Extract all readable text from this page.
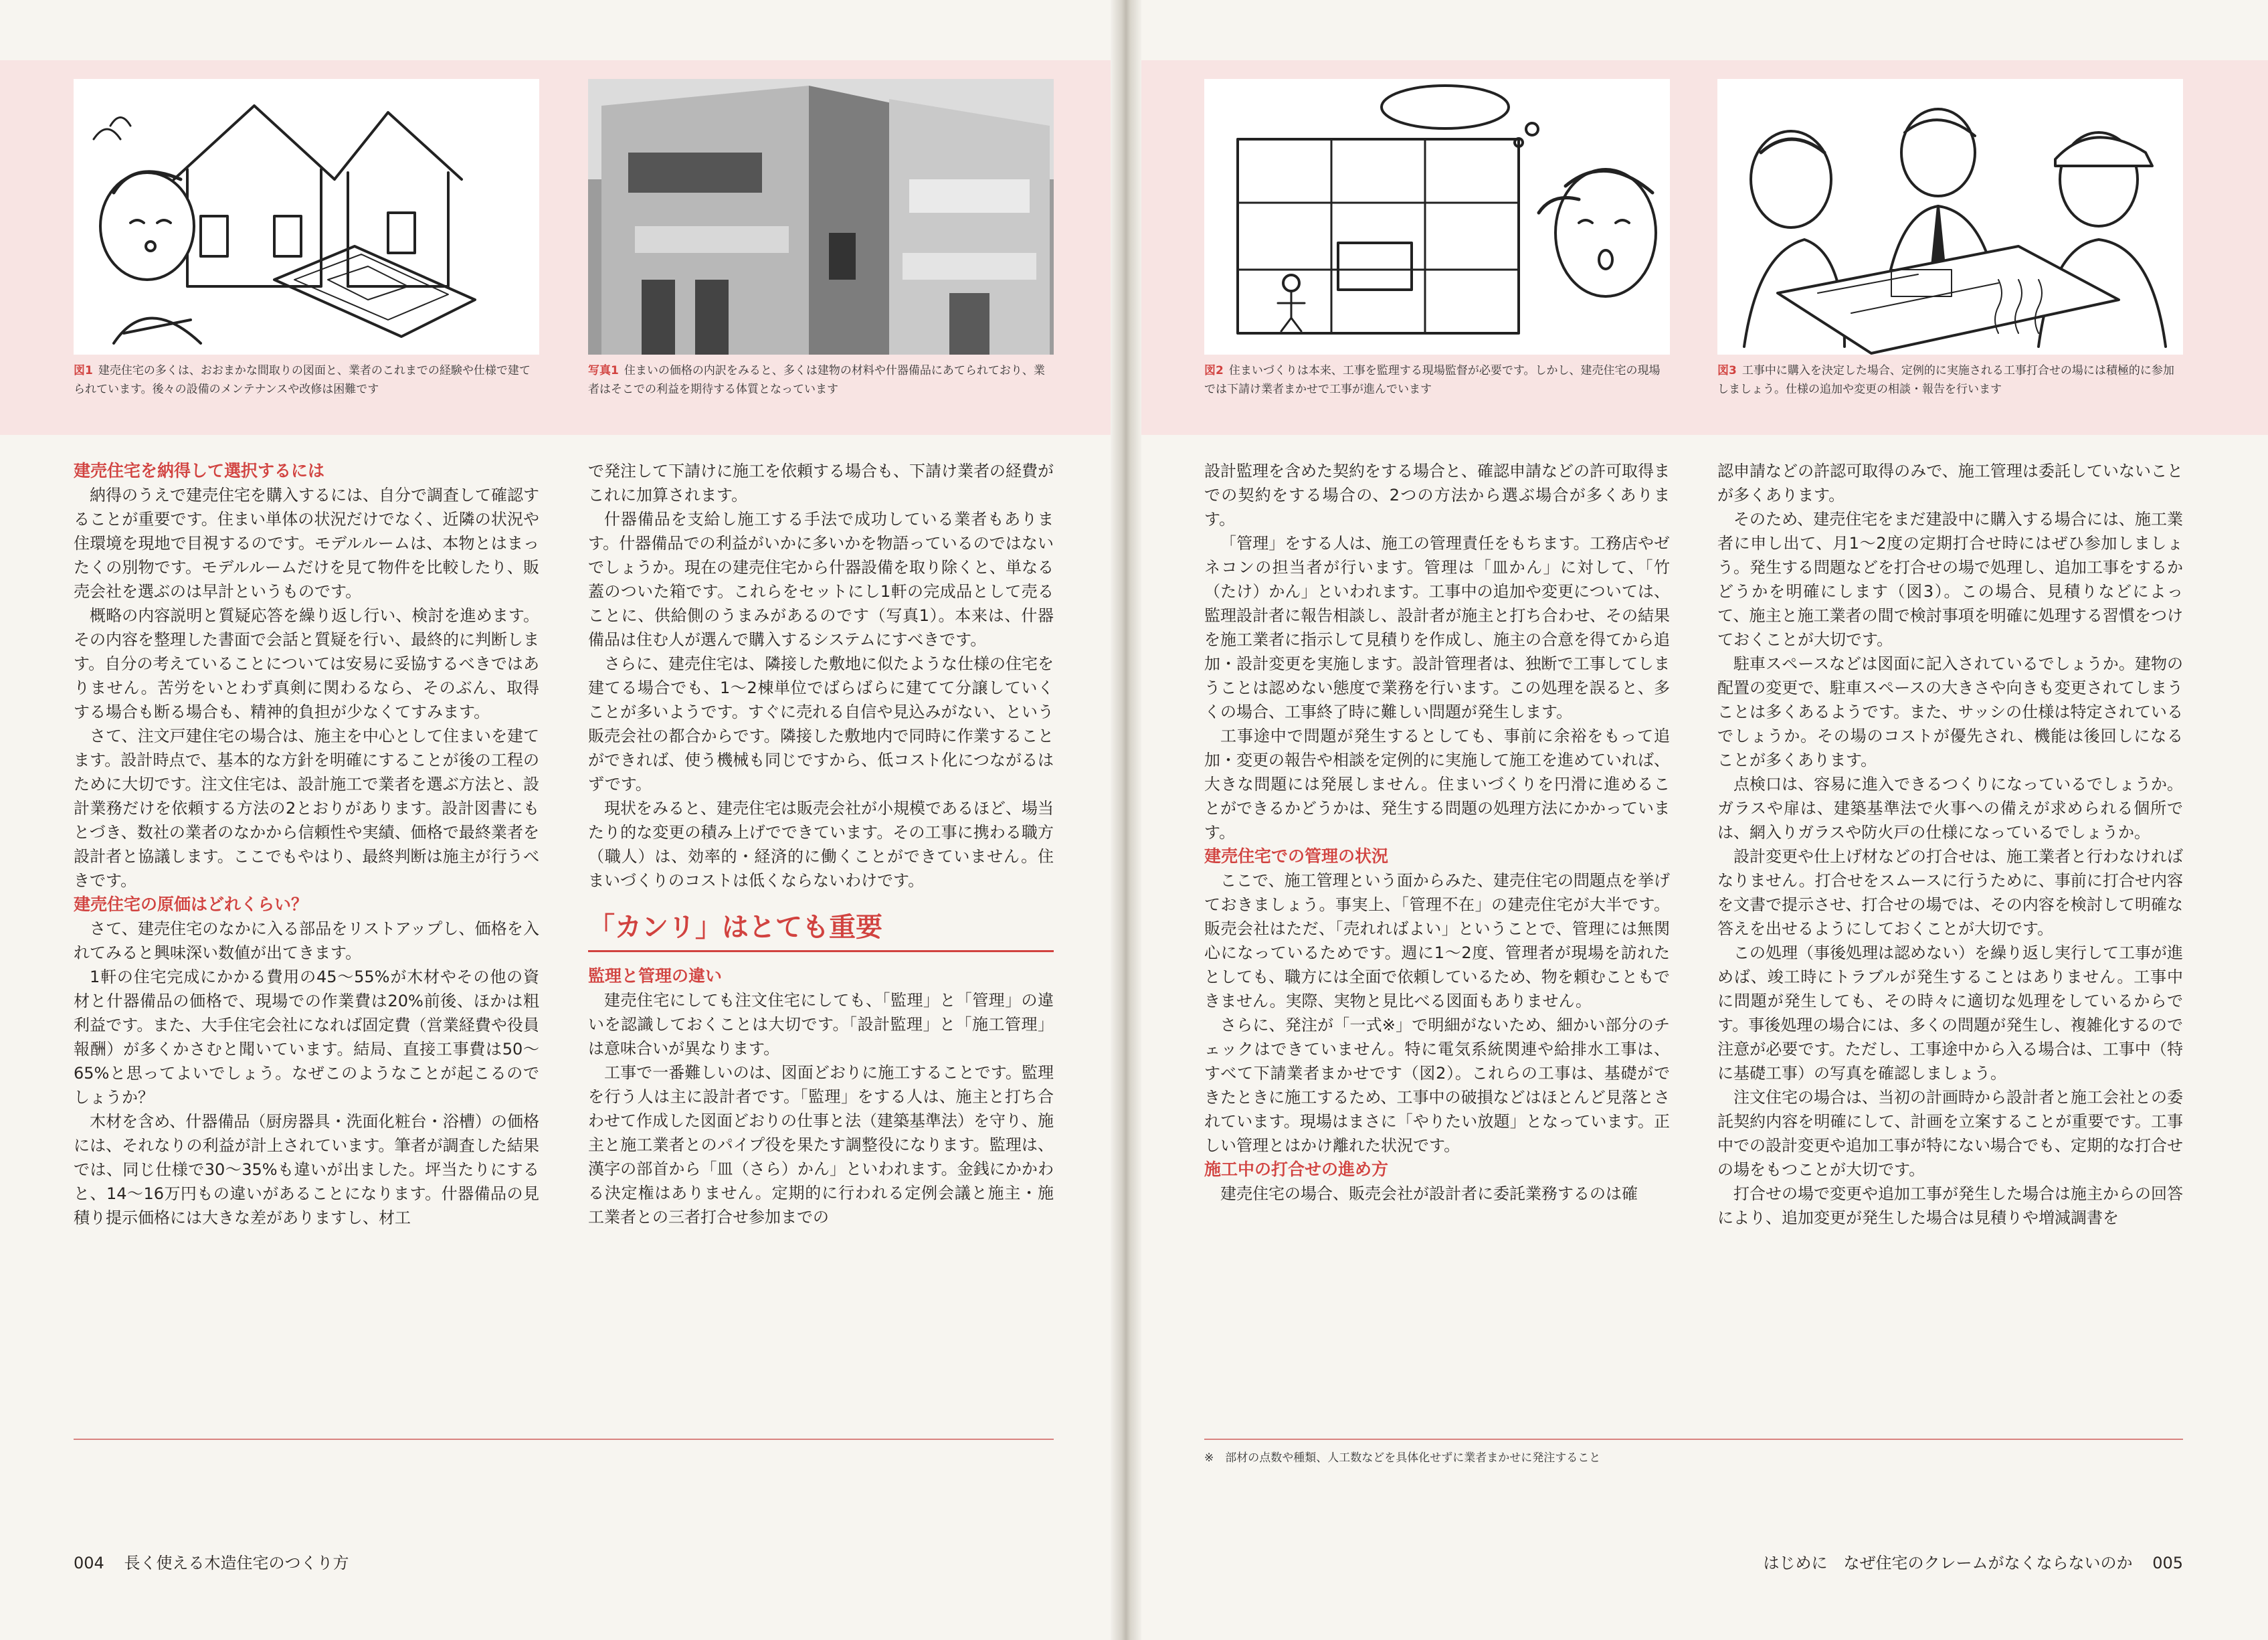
図1 建売住宅の多くは、おおまかな間取りの図面と、業者のこれまでの経験や仕様で建てられています。後々の設備のメンテナンスや改修は困難です
写真1 住まいの価格の内訳をみると、多くは建物の材料や什器備品にあてられており、業者はそこでの利益を期待する体質となっています
図2 住まいづくりは本来、工事を監理する現場監督が必要です。しかし、建売住宅の現場では下請け業者まかせで工事が進んでいます
図3 工事中に購入を決定した場合、定例的に実施される工事打合せの場には積極的に参加しましょう。仕様の追加や変更の相談・報告を行います
建売住宅を納得して選択するには

納得のうえで建売住宅を購入するには、自分で調査して確認することが重要です。住まい単体の状況だけでなく、近隣の状況や住環境を現地で目視するのです。モデルルームは、本物とはまったくの別物です。モデルルームだけを見て物件を比較したり、販売会社を選ぶのは早計というものです。

概略の内容説明と質疑応答を繰り返し行い、検討を進めます。その内容を整理した書面で会話と質疑を行い、最終的に判断します。自分の考えていることについては安易に妥協するべきではありません。苦労をいとわず真剣に関わるなら、そのぶん、取得する場合も断る場合も、精神的負担が少なくてすみます。

さて、注文戸建住宅の場合は、施主を中心として住まいを建てます。設計時点で、基本的な方針を明確にすることが後の工程のために大切です。注文住宅は、設計施工で業者を選ぶ方法と、設計業務だけを依頼する方法の2とおりがあります。設計図書にもとづき、数社の業者のなかから信頼性や実績、価格で最終業者を設計者と協議します。ここでもやはり、最終判断は施主が行うべきです。

建売住宅の原価はどれくらい？

さて、建売住宅のなかに入る部品をリストアップし、価格を入れてみると興味深い数値が出てきます。

1軒の住宅完成にかかる費用の45〜55%が木材やその他の資材と什器備品の価格で、現場での作業費は20%前後、ほかは粗利益です。また、大手住宅会社になれば固定費（営業経費や役員報酬）が多くかさむと聞いています。結局、直接工事費は50〜65%と思ってよいでしょう。なぜこのようなことが起こるのでしょうか？

木材を含め、什器備品（厨房器具・洗面化粧台・浴槽）の価格には、それなりの利益が計上されています。筆者が調査した結果では、同じ仕様で30〜35%も違いが出ました。坪当たりにすると、14〜16万円もの違いがあることになります。什器備品の見積り提示価格には大きな差がありますし、材工

で発注して下請けに施工を依頼する場合も、下請け業者の経費がこれに加算されます。

什器備品を支給し施工する手法で成功している業者もあります。什器備品での利益がいかに多いかを物語っているのではないでしょうか。現在の建売住宅から什器設備を取り除くと、単なる蓋のついた箱です。これらをセットにし1軒の完成品として売ることに、供給側のうまみがあるのです（写真1）。本来は、什器備品は住む人が選んで購入するシステムにすべきです。

さらに、建売住宅は、隣接した敷地に似たような仕様の住宅を建てる場合でも、1〜2棟単位でばらばらに建てて分譲していくことが多いようです。すぐに売れる自信や見込みがない、という販売会社の都合からです。隣接した敷地内で同時に作業することができれば、使う機械も同じですから、低コスト化につながるはずです。

現状をみると、建売住宅は販売会社が小規模であるほど、場当たり的な変更の積み上げでできています。その工事に携わる職方（職人）は、効率的・経済的に働くことができていません。住まいづくりのコストは低くならないわけです。

「カンリ」はとても重要
監理と管理の違い

建売住宅にしても注文住宅にしても、「監理」と「管理」の違いを認識しておくことは大切です。「設計監理」と「施工管理」は意味合いが異なります。

工事で一番難しいのは、図面どおりに施工することです。監理を行う人は主に設計者です。「監理」をする人は、施主と打ち合わせて作成した図面どおりの仕事と法（建築基準法）を守り、施主と施工業者とのパイプ役を果たす調整役になります。監理は、漢字の部首から「皿（さら）かん」といわれます。金銭にかかわる決定権はありません。定期的に行われる定例会議と施主・施工業者との三者打合せ参加までの

設計監理を含めた契約をする場合と、確認申請などの許可取得までの契約をする場合の、2つの方法から選ぶ場合が多くあります。

「管理」をする人は、施工の管理責任をもちます。工務店やゼネコンの担当者が行います。管理は「皿かん」に対して、「竹（たけ）かん」といわれます。工事中の追加や変更については、監理設計者に報告相談し、設計者が施主と打ち合わせ、その結果を施工業者に指示して見積りを作成し、施主の合意を得てから追加・設計変更を実施します。設計管理者は、独断で工事してしまうことは認めない態度で業務を行います。この処理を誤ると、多くの場合、工事終了時に難しい問題が発生します。

工事途中で問題が発生するとしても、事前に余裕をもって追加・変更の報告や相談を定例的に実施して施工を進めていれば、大きな問題には発展しません。住まいづくりを円滑に進めることができるかどうかは、発生する問題の処理方法にかかっています。

建売住宅での管理の状況

ここで、施工管理という面からみた、建売住宅の問題点を挙げておきましょう。事実上、「管理不在」の建売住宅が大半です。販売会社はただ、「売れればよい」ということで、管理には無関心になっているためです。週に1〜2度、管理者が現場を訪れたとしても、職方には全面で依頼しているため、物を頼むこともできません。実際、実物と見比べる図面もありません。

さらに、発注が「一式※」で明細がないため、細かい部分のチェックはできていません。特に電気系統関連や給排水工事は、すべて下請業者まかせです（図2）。これらの工事は、基礎ができたときに施工するため、工事中の破損などはほとんど見落とされています。現場はまさに「やりたい放題」となっています。正しい管理とはかけ離れた状況です。

施工中の打合せの進め方

建売住宅の場合、販売会社が設計者に委託業務するのは確

認申請などの許認可取得のみで、施工管理は委託していないことが多くあります。

そのため、建売住宅をまだ建設中に購入する場合には、施工業者に申し出て、月1〜2度の定期打合せ時にはぜひ参加しましょう。発生する問題などを打合せの場で処理し、追加工事をするかどうかを明確にします（図3）。この場合、見積りなどによって、施主と施工業者の間で検討事項を明確に処理する習慣をつけておくことが大切です。

駐車スペースなどは図面に記入されているでしょうか。建物の配置の変更で、駐車スペースの大きさや向きも変更されてしまうことは多くあるようです。また、サッシの仕様は特定されているでしょうか。その場のコストが優先され、機能は後回しになることが多くあります。

点検口は、容易に進入できるつくりになっているでしょうか。ガラスや扉は、建築基準法で火事への備えが求められる個所では、網入りガラスや防火戸の仕様になっているでしょうか。

設計変更や仕上げ材などの打合せは、施工業者と行わなければなりません。打合せをスムースに行うために、事前に打合せ内容を文書で提示させ、打合せの場では、その内容を検討して明確な答えを出せるようにしておくことが大切です。

この処理（事後処理は認めない）を繰り返し実行して工事が進めば、竣工時にトラブルが発生することはありません。工事中に問題が発生しても、その時々に適切な処理をしているからです。事後処理の場合には、多くの問題が発生し、複雑化するので注意が必要です。ただし、工事途中から入る場合は、工事中（特に基礎工事）の写真を確認しましょう。

注文住宅の場合は、当初の計画時から設計者と施工会社との委託契約内容を明確にして、計画を立案することが重要です。工事中での設計変更や追加工事が特にない場合でも、定期的な打合せの場をもつことが大切です。

打合せの場で変更や追加工事が発生した場合は施主からの回答により、追加変更が発生した場合は見積りや増減調書を

※　部材の点数や種類、人工数などを具体化せずに業者まかせに発注すること
004 長く使える木造住宅のつくり方	はじめに　なぜ住宅のクレームがなくならないのか 005
